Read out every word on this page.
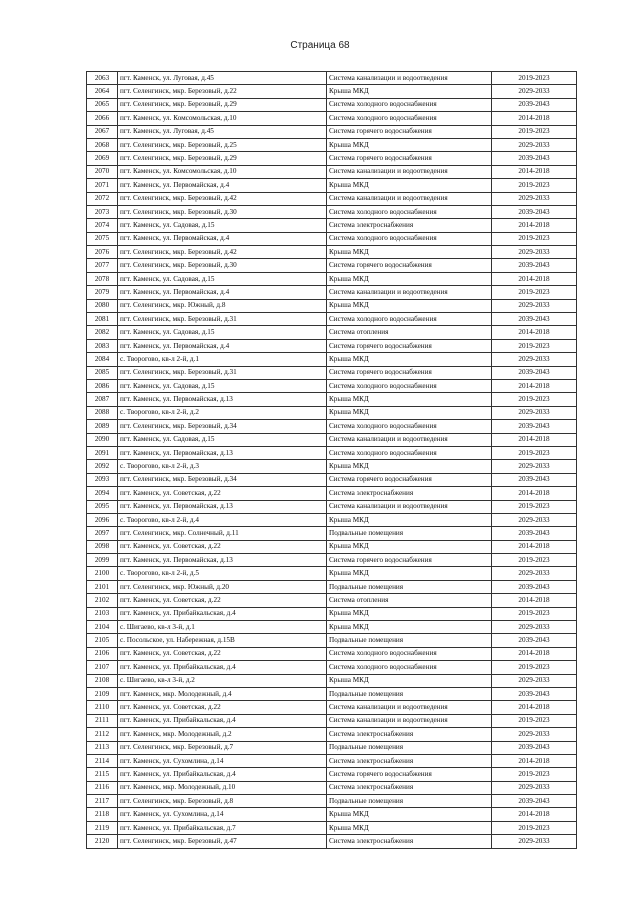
Страница 68
2063	пгт. Каменск, ул. Луговая, д.45	Система канализации и водоотведения	2019-2023
2064	пгт. Селенгинск, мкр. Березовый, д.22	Крыша МКД	2029-2033
2065	пгт. Селенгинск, мкр. Березовый, д.29	Система холодного водоснабжения	2039-2043
2066	пгт. Каменск, ул. Комсомольская, д.10	Система холодного водоснабжения	2014-2018
2067	пгт. Каменск, ул. Луговая, д.45	Система горячего водоснабжения	2019-2023
2068	пгт. Селенгинск, мкр. Березовый, д.25	Крыша МКД	2029-2033
2069	пгт. Селенгинск, мкр. Березовый, д.29	Система горячего водоснабжения	2039-2043
2070	пгт. Каменск, ул. Комсомольская, д.10	Система канализации и водоотведения	2014-2018
2071	пгт. Каменск, ул. Первомайская, д.4	Крыша МКД	2019-2023
2072	пгт. Селенгинск, мкр. Березовый, д.42	Система канализации и водоотведения	2029-2033
2073	пгт. Селенгинск, мкр. Березовый, д.30	Система холодного водоснабжения	2039-2043
2074	пгт. Каменск, ул. Садовая, д.15	Система электроснабжения	2014-2018
2075	пгт. Каменск, ул. Первомайская, д.4	Система холодного водоснабжения	2019-2023
2076	пгт. Селенгинск, мкр. Березовый, д.42	Крыша МКД	2029-2033
2077	пгт. Селенгинск, мкр. Березовый, д.30	Система горячего водоснабжения	2039-2043
2078	пгт. Каменск, ул. Садовая, д.15	Крыша МКД	2014-2018
2079	пгт. Каменск, ул. Первомайская, д.4	Система канализации и водоотведения	2019-2023
2080	пгт. Селенгинск, мкр. Южный, д.8	Крыша МКД	2029-2033
2081	пгт. Селенгинск, мкр. Березовый, д.31	Система холодного водоснабжения	2039-2043
2082	пгт. Каменск, ул. Садовая, д.15	Система отопления	2014-2018
2083	пгт. Каменск, ул. Первомайская, д.4	Система горячего водоснабжения	2019-2023
2084	с. Творогово, кв-л 2-й, д.1	Крыша МКД	2029-2033
2085	пгт. Селенгинск, мкр. Березовый, д.31	Система горячего водоснабжения	2039-2043
2086	пгт. Каменск, ул. Садовая, д.15	Система холодного водоснабжения	2014-2018
2087	пгт. Каменск, ул. Первомайская, д.13	Крыша МКД	2019-2023
2088	с. Творогово, кв-л 2-й, д.2	Крыша МКД	2029-2033
2089	пгт. Селенгинск, мкр. Березовый, д.34	Система холодного водоснабжения	2039-2043
2090	пгт. Каменск, ул. Садовая, д.15	Система канализации и водоотведения	2014-2018
2091	пгт. Каменск, ул. Первомайская, д.13	Система холодного водоснабжения	2019-2023
2092	с. Творогово, кв-л 2-й, д.3	Крыша МКД	2029-2033
2093	пгт. Селенгинск, мкр. Березовый, д.34	Система горячего водоснабжения	2039-2043
2094	пгт. Каменск, ул. Советская, д.22	Система электроснабжения	2014-2018
2095	пгт. Каменск, ул. Первомайская, д.13	Система канализации и водоотведения	2019-2023
2096	с. Творогово, кв-л 2-й, д.4	Крыша МКД	2029-2033
2097	пгт. Селенгинск, мкр. Солнечный, д.11	Подвальные помещения	2039-2043
2098	пгт. Каменск, ул. Советская, д.22	Крыша МКД	2014-2018
2099	пгт. Каменск, ул. Первомайская, д.13	Система горячего водоснабжения	2019-2023
2100	с. Творогово, кв-л 2-й, д.5	Крыша МКД	2029-2033
2101	пгт. Селенгинск, мкр. Южный, д.20	Подвальные помещения	2039-2043
2102	пгт. Каменск, ул. Советская, д.22	Система отопления	2014-2018
2103	пгт. Каменск, ул. Прибайкальская, д.4	Крыша МКД	2019-2023
2104	с. Шигаево, кв-л 3-й, д.1	Крыша МКД	2029-2033
2105	с. Посольское, ул. Набережная, д.15В	Подвальные помещения	2039-2043
2106	пгт. Каменск, ул. Советская, д.22	Система холодного водоснабжения	2014-2018
2107	пгт. Каменск, ул. Прибайкальская, д.4	Система холодного водоснабжения	2019-2023
2108	с. Шигаево, кв-л 3-й, д.2	Крыша МКД	2029-2033
2109	пгт. Каменск, мкр. Молодежный, д.4	Подвальные помещения	2039-2043
2110	пгт. Каменск, ул. Советская, д.22	Система канализации и водоотведения	2014-2018
2111	пгт. Каменск, ул. Прибайкальская, д.4	Система канализации и водоотведения	2019-2023
2112	пгт. Каменск, мкр. Молодежный, д.2	Система электроснабжения	2029-2033
2113	пгт. Селенгинск, мкр. Березовый, д.7	Подвальные помещения	2039-2043
2114	пгт. Каменск, ул. Сухомлина, д.14	Система электроснабжения	2014-2018
2115	пгт. Каменск, ул. Прибайкальская, д.4	Система горячего водоснабжения	2019-2023
2116	пгт. Каменск, мкр. Молодежный, д.10	Система электроснабжения	2029-2033
2117	пгт. Селенгинск, мкр. Березовый, д.8	Подвальные помещения	2039-2043
2118	пгт. Каменск, ул. Сухомлина, д.14	Крыша МКД	2014-2018
2119	пгт. Каменск, ул. Прибайкальская, д.7	Крыша МКД	2019-2023
2120	пгт. Селенгинск, мкр. Березовый, д.47	Система электроснабжения	2029-2033
